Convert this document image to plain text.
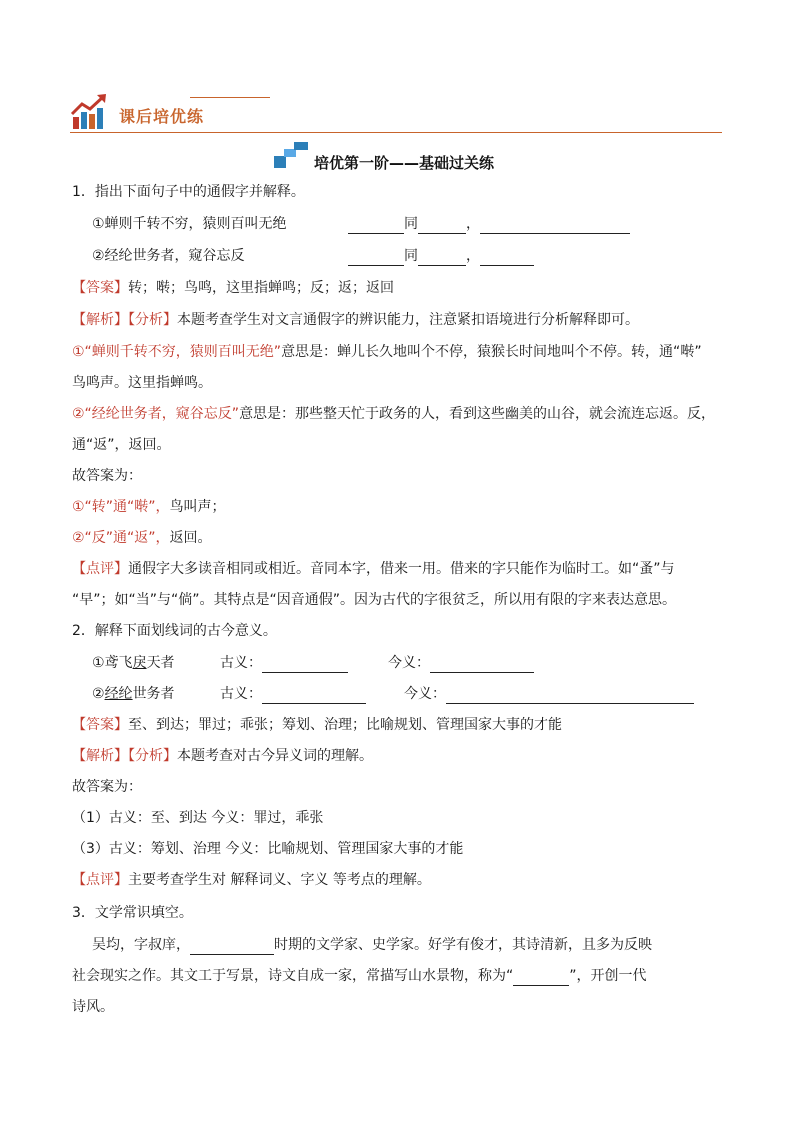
课后培优练
培优第一阶——基础过关练
1．指出下面句子中的通假字并解释。
①蝉则千转不穷，猿则百叫无绝	同	，
②经纶世务者，窥谷忘反	同	，
【答案】转；啭；鸟鸣，这里指蝉鸣；反；返；返回
【解析】【分析】本题考查学生对文言通假字的辨识能力，注意紧扣语境进行分析解释即可。
①“蝉则千转不穷，猿则百叫无绝”意思是：蝉儿长久地叫个不停，猿猴长时间地叫个不停。转，通“啭”
鸟鸣声。这里指蝉鸣。
②“经纶世务者，窥谷忘反”意思是：那些整天忙于政务的人，看到这些幽美的山谷，就会流连忘返。反，
通“返”，返回。
故答案为：
①“转”通“啭”，鸟叫声；
②“反”通“返”，返回。
【点评】通假字大多读音相同或相近。音同本字，借来一用。借来的字只能作为临时工。如“蚤”与
“早”；如“当”与“倘”。其特点是“因音通假”。因为古代的字很贫乏，所以用有限的字来表达意思。
2．解释下面划线词的古今意义。
①鸢飞戾天者	古义：	今义：
②经纶世务者	古义：	今义：
【答案】至、到达；罪过；乖张；筹划、治理；比喻规划、管理国家大事的才能
【解析】【分析】本题考查对古今异义词的理解。
故答案为：
（1）古义：至、到达 今义：罪过，乖张
（3）古义：筹划、治理 今义：比喻规划、管理国家大事的才能
【点评】主要考查学生对 解释词义、字义 等考点的理解。
3．文学常识填空。
吴均，字叔庠，	时期的文学家、史学家。好学有俊才，其诗清新，且多为反映
社会现实之作。其文工于写景，诗文自成一家，常描写山水景物，称为“	”，开创一代
诗风。
